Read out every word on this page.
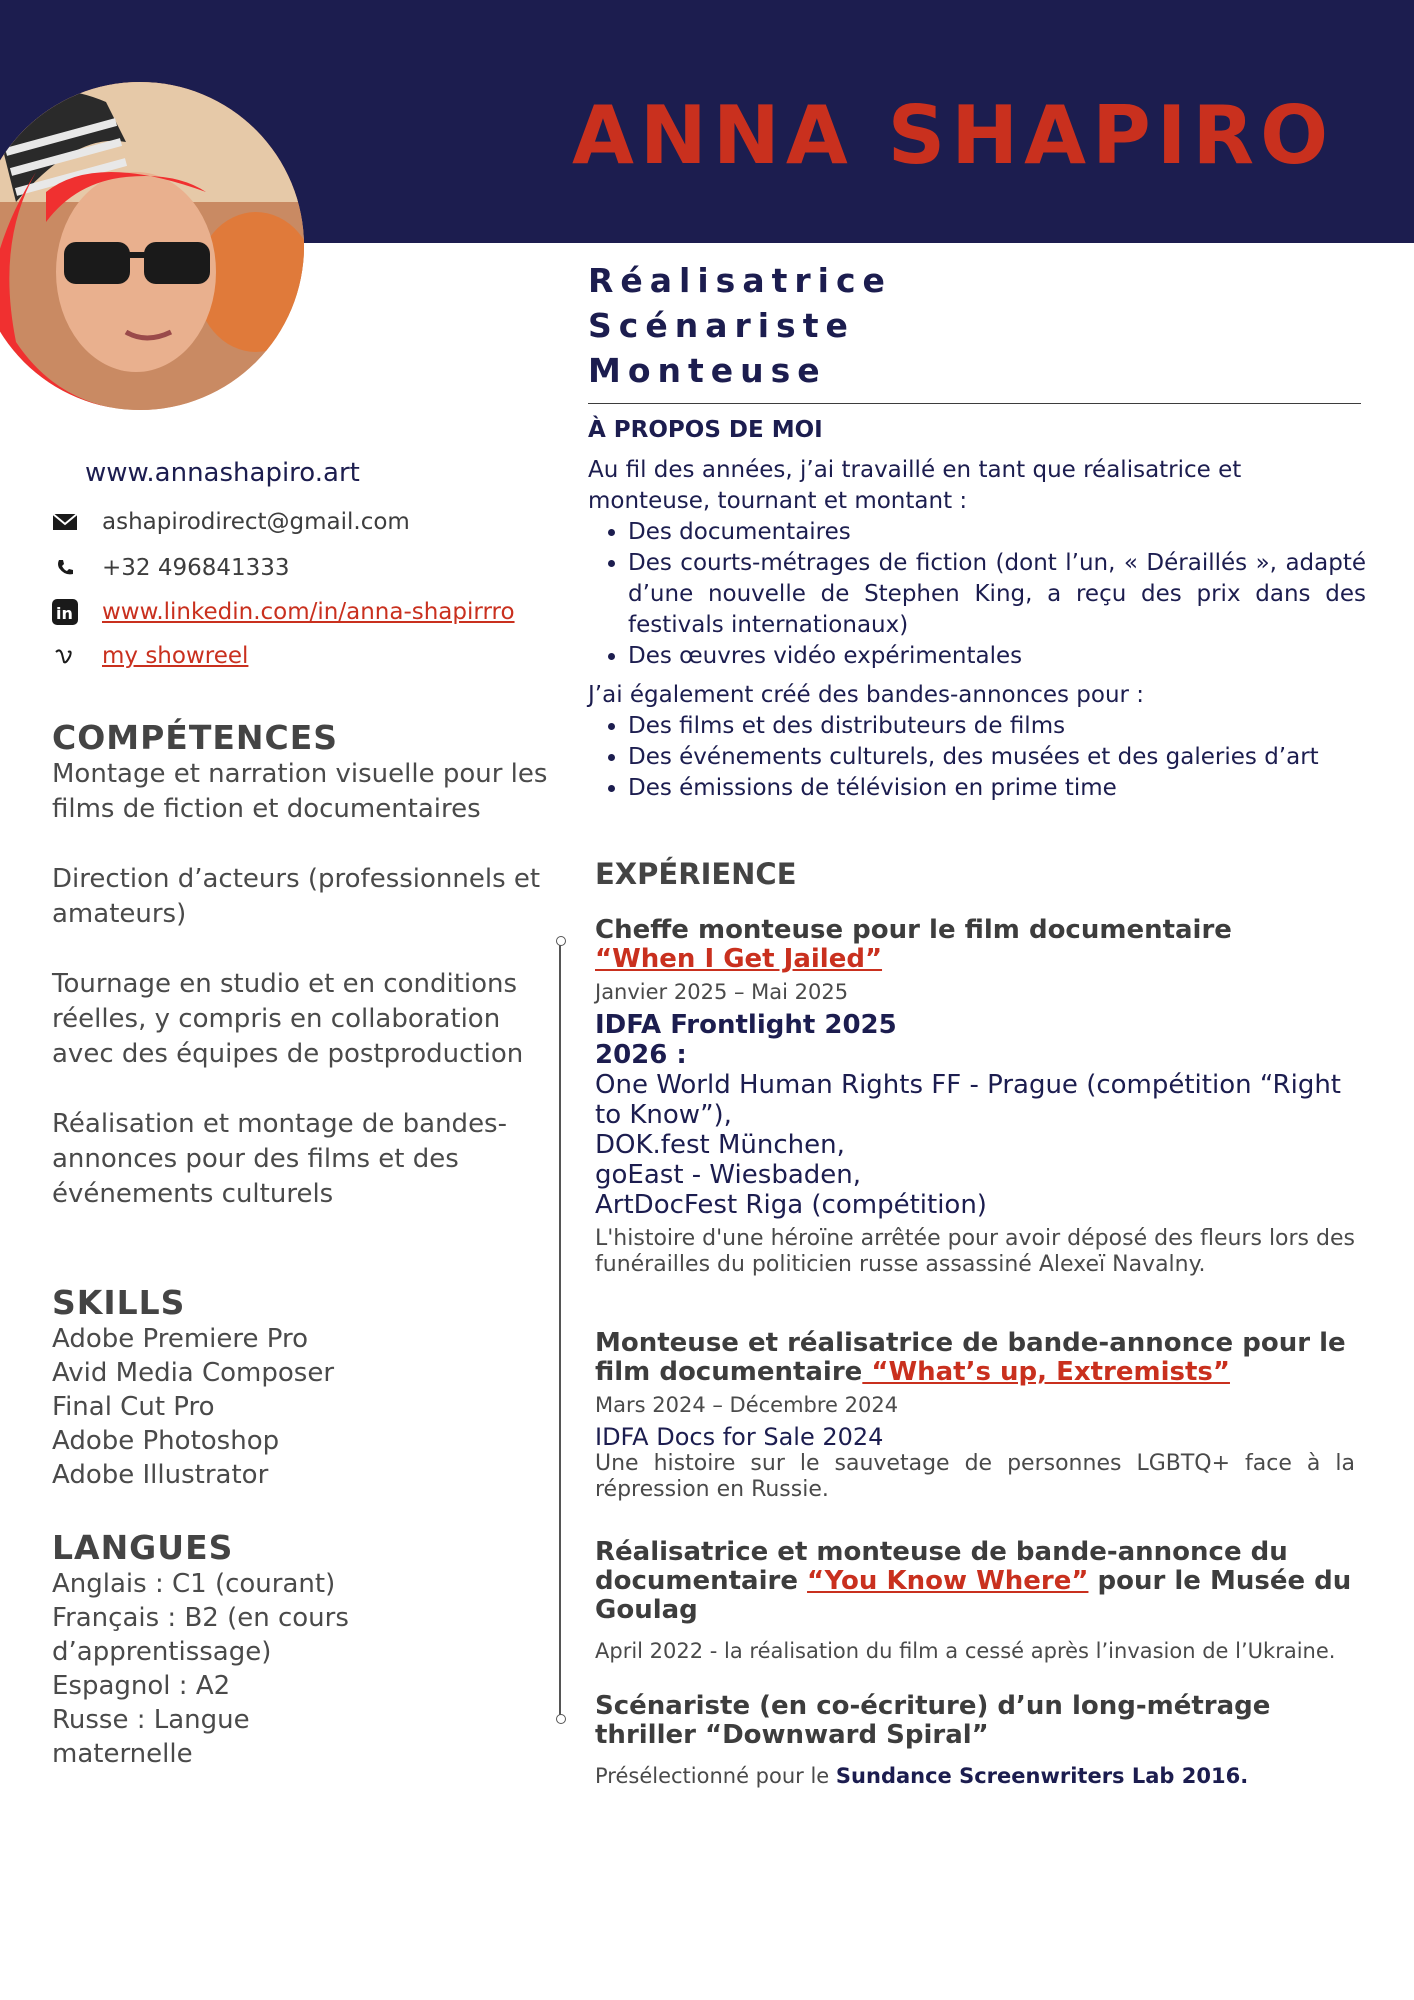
ANNA SHAPIRO
Réalisatrice
Scénariste
Monteuse
www.annashapiro.art
ashapirodirect@gmail.com
+32 496841333
in www.linkedin.com/in/anna-shapirrro
my showreel
COMPÉTENCES

Montage et narration visuelle pour les films de fiction et documentaires

Direction d’acteurs (professionnels et amateurs)

Tournage en studio et en conditions réelles, y compris en collaboration avec des équipes de postproduction

Réalisation et montage de bandes-annonces pour des films et des événements culturels

SKILLS
Adobe Premiere Pro
Avid Media Composer
Final Cut Pro
Adobe Photoshop
Adobe Illustrator
LANGUES
Anglais : C1 (courant)
Français : B2 (en cours d’apprentissage)
Espagnol : A2
Russe : Langue maternelle
À PROPOS DE MOI

Au fil des années, j’ai travaillé en tant que réalisatrice et monteuse, tournant et montant :

• Des documentaires
• Des courts-métrages de fiction (dont l’un, « Déraillés », adapté d’une nouvelle de Stephen King, a reçu des prix dans des festivals internationaux)
• Des œuvres vidéo expérimentales

J’ai également créé des bandes-annonces pour :

• Des films et des distributeurs de films
• Des événements culturels, des musées et des galeries d’art
• Des émissions de télévision en prime time
EXPÉRIENCE
Cheffe monteuse pour le film documentaire
“When I Get Jailed”
Janvier 2025 – Mai 2025
IDFA Frontlight 2025
2026 :
One World Human Rights FF - Prague (compétition “Right to Know”),
DOK.fest München,
goEast - Wiesbaden,
ArtDocFest Riga (compétition)
L'histoire d'une héroïne arrêtée pour avoir déposé des fleurs lors des funérailles du politicien russe assassiné Alexeï Navalny.
Monteuse et réalisatrice de bande-annonce pour le film documentaire “What’s up, Extremists”
Mars 2024 – Décembre 2024
IDFA Docs for Sale 2024
Une histoire sur le sauvetage de personnes LGBTQ+ face à la répression en Russie.
Réalisatrice et monteuse de bande-annonce du documentaire “You Know Where” pour le Musée du Goulag
April 2022 - la réalisation du film a cessé après l’invasion de l’Ukraine.
Scénariste (en co-écriture) d’un long-métrage thriller “Downward Spiral”
Présélectionné pour le Sundance Screenwriters Lab 2016.
